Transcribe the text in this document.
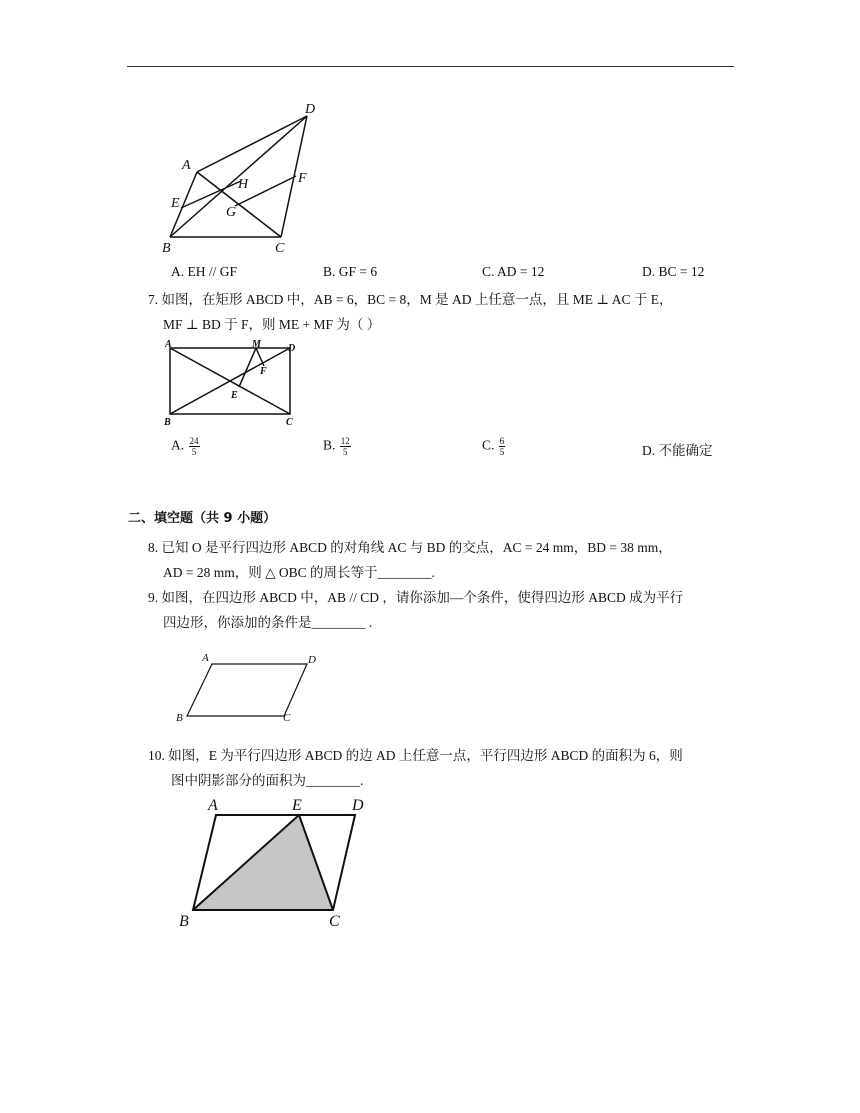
A
D
E
H	F
G
B	C
A. EH // GF	B. GF = 6	C. AD = 12	D. BC = 12
7. 如图，在矩形 ABCD 中，AB = 6，BC = 8，M 是 AD 上任意一点，且 ME ⊥ AC 于 E，
MF ⊥ BD 于 F，则 ME + MF 为（ ）
A	M	D
F
E
B	C
A. $\frac{24}{5}$	B. $\frac{12}{5}$	C. $\frac{6}{5}$	D. 不能确定
二、填空题（共 9 小题）
8. 已知 O 是平行四边形 ABCD 的对角线 AC 与 BD 的交点，AC = 24 mm，BD = 38 mm，
AD = 28 mm，则 △ OBC 的周长等于________.
9. 如图，在四边形 ABCD 中，AB // CD ，请你添加—个条件，使得四边形 ABCD 成为平行
四边形，你添加的条件是________ .
A	D
B	C
10. 如图，E 为平行四边形 ABCD 的边 AD 上任意一点，平行四边形 ABCD 的面积为 6，则
图中阴影部分的面积为________.
A	E	D
B	C
